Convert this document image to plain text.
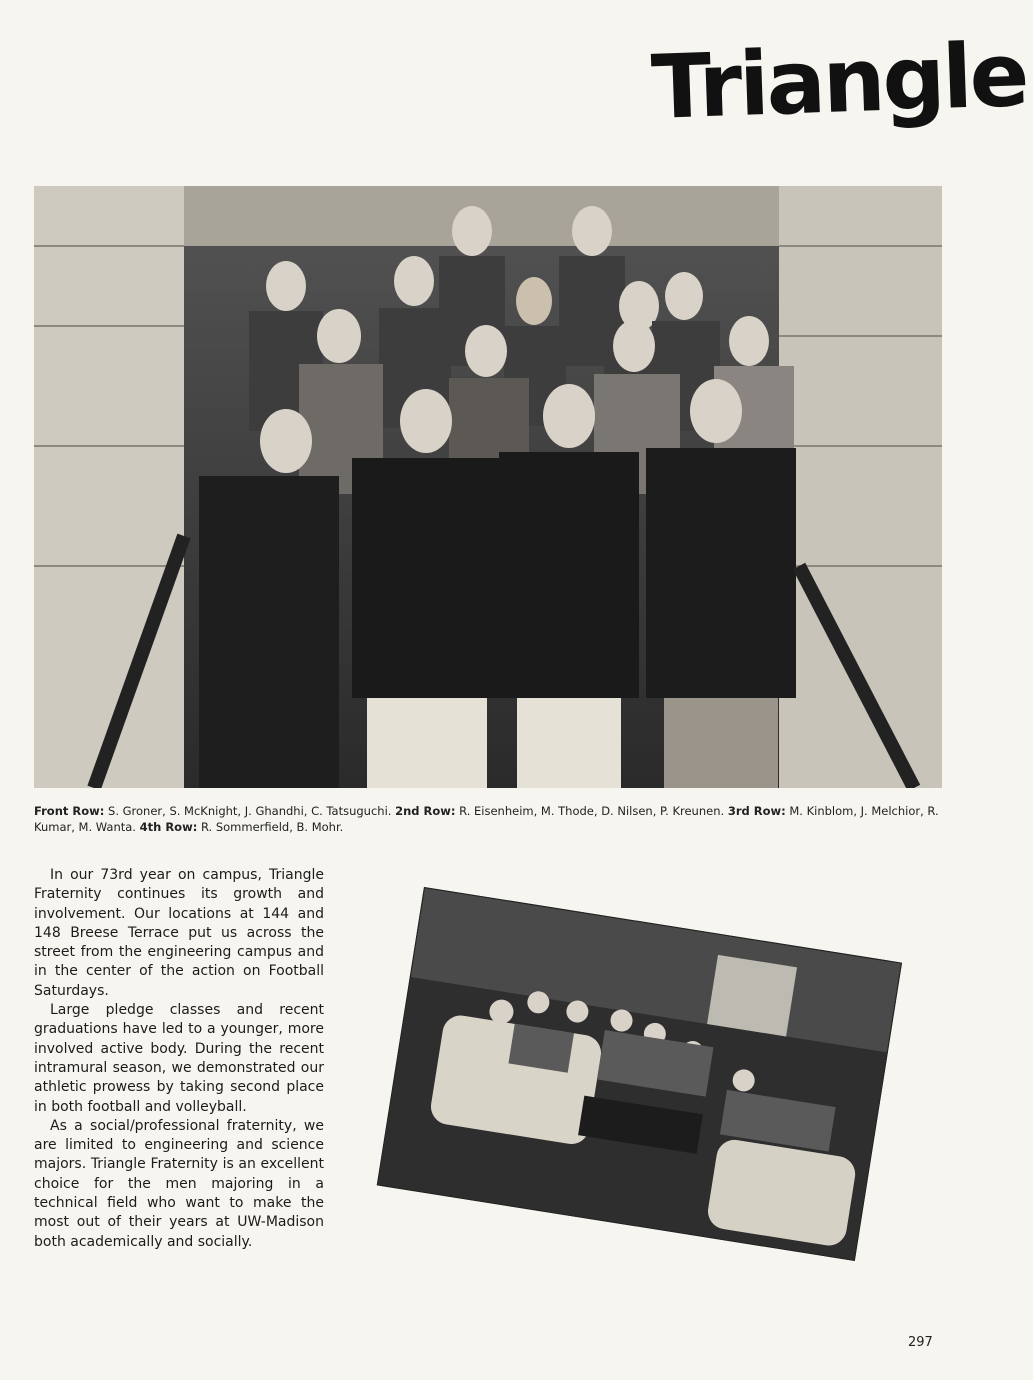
Triangle
Front Row: S. Groner, S. McKnight, J. Ghandhi, C. Tatsuguchi. 2nd Row: R. Eisenheim, M. Thode, D. Nilsen, P. Kreunen. 3rd Row: M. Kinblom, J. Melchior, R. Kumar, M. Wanta. 4th Row: R. Sommerfield, B. Mohr.

In our 73rd year on campus, Triangle Fraternity continues its growth and involvement. Our locations at 144 and 148 Breese Terrace put us across the street from the engineering campus and in the center of the action on Football Saturdays.

Large pledge classes and recent graduations have led to a younger, more involved active body. During the recent intramural season, we demonstrated our athletic prowess by taking second place in both football and volleyball.

As a social/professional fraternity, we are limited to engineering and science majors. Triangle Fraternity is an excellent choice for the men majoring in a technical field who want to make the most out of their years at UW-Madison both academically and socially.

297
